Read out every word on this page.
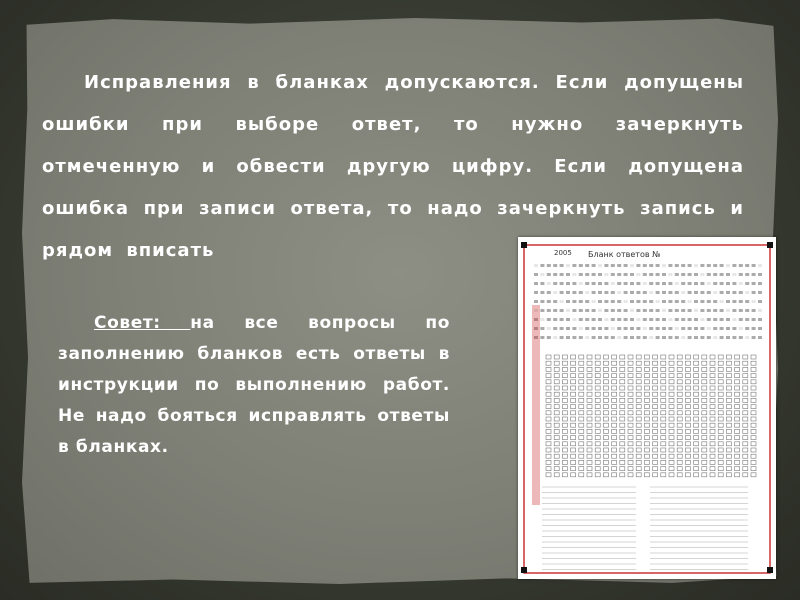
Исправления в бланках допускаются. Если допущены ошибки при выборе ответ, то нужно зачеркнуть отмеченную и обвести другую цифру. Если допущена ошибка при записи ответа, то надо зачеркнуть запись и рядом вписать

Совет: на все вопросы по заполнению бланков есть ответы в инструкции по выполнению работ. Не надо бояться исправлять ответы в бланках.

2005 Бланк ответов №
